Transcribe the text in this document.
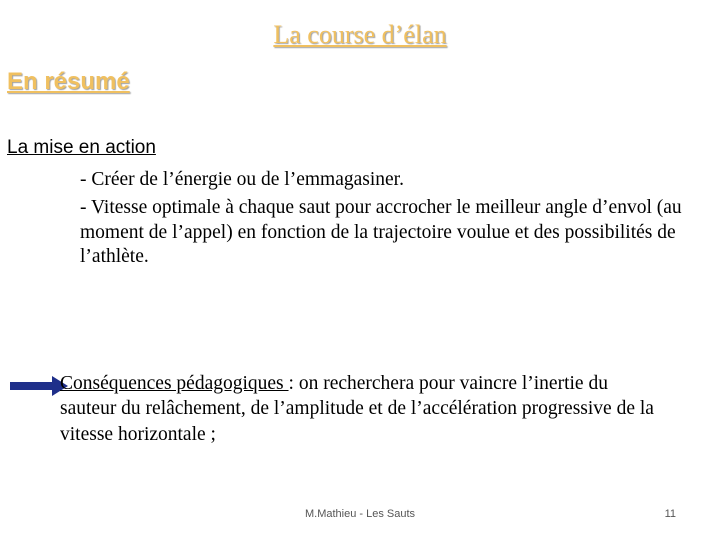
La course d’élan
En résumé
La mise en action

- Créer de l’énergie ou de l’emmagasiner.

- Vitesse optimale à chaque saut pour accrocher le meilleur angle d’envol (au moment de l’appel) en fonction de la trajectoire voulue et des possibilités de l’athlète.

Conséquences pédagogiques : on recherchera pour vaincre l’inertie du sauteur du relâchement, de l’amplitude et de l’accélération progressive de la vitesse horizontale ;
M.Mathieu - Les Sauts	11
